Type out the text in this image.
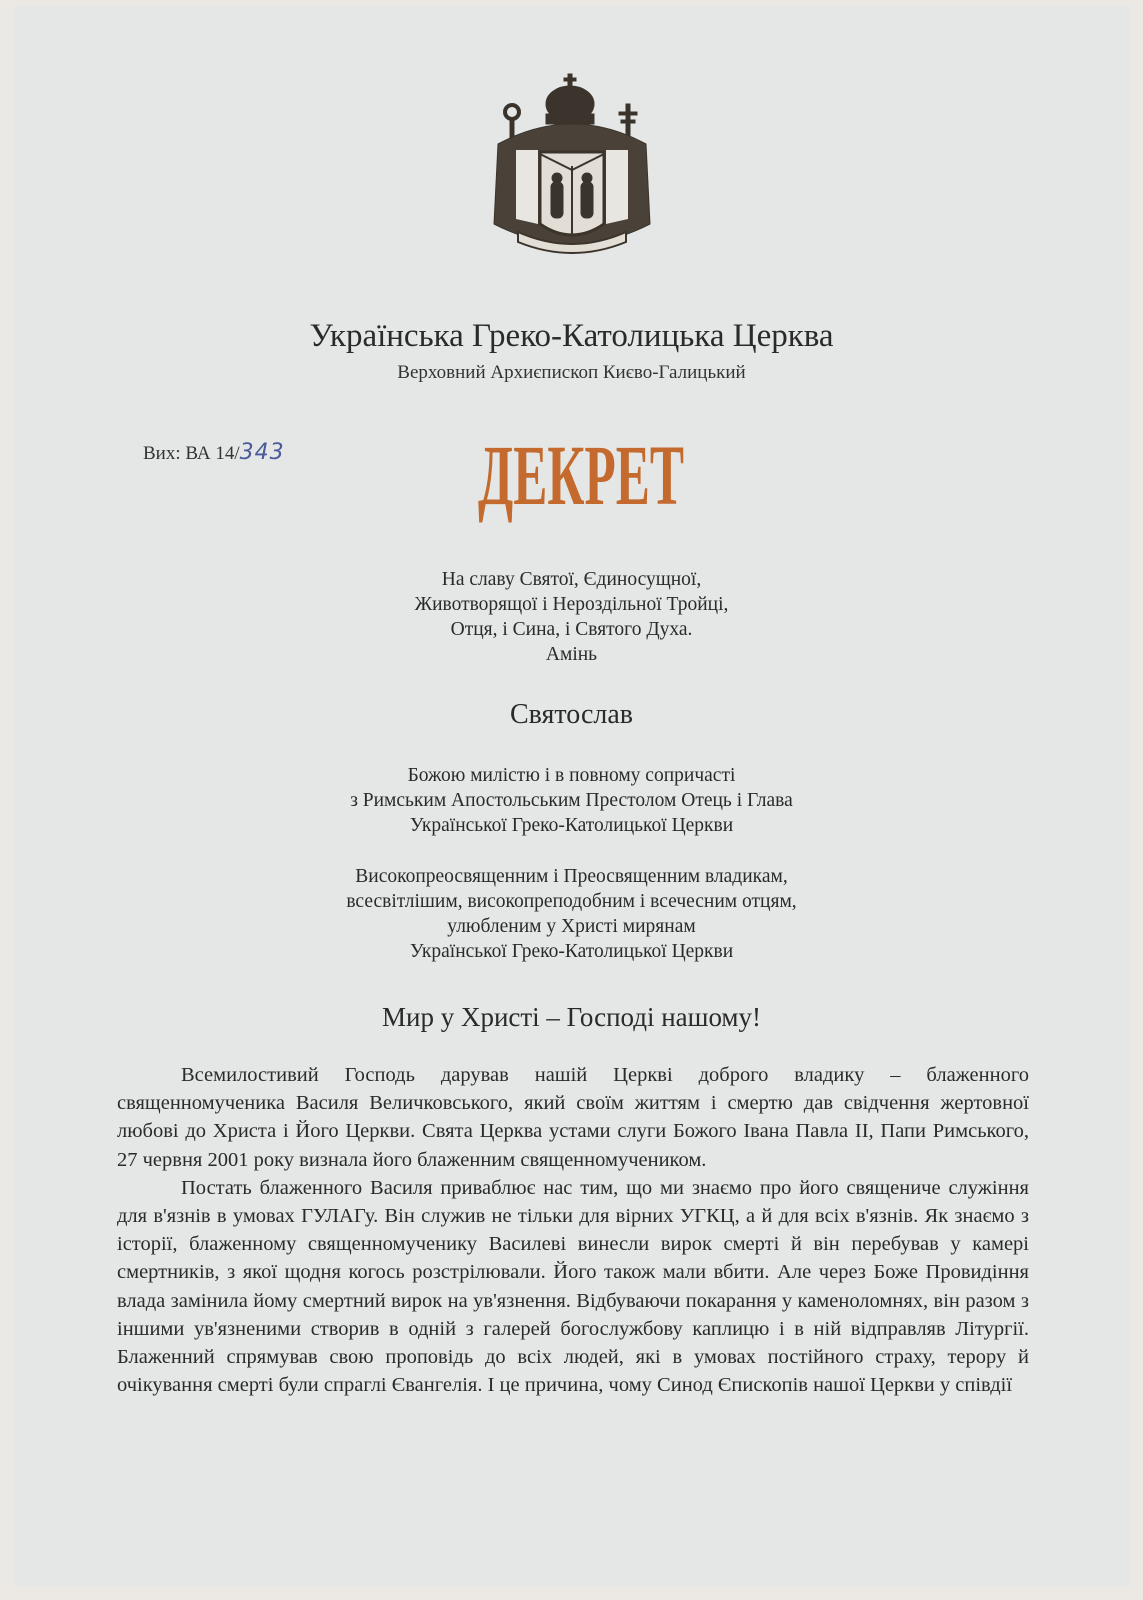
Українська Греко-Католицька Церква
Верховний Архиєпископ Києво-Галицький
Вих: ВА 14/343 ДЕКРЕТ
На славу Святої, Єдиносущної,
Животворящої і Нероздільної Тройці,
Отця, і Сина, і Святого Духа.
Амінь
Святослав
Божою милістю і в повному сопричасті
з Римським Апостольським Престолом Отець і Глава
Української Греко-Католицької Церкви
Високопреосвященним і Преосвященним владикам,
всесвітлішим, високопреподобним і всечесним отцям,
улюбленим у Христі мирянам
Української Греко-Католицької Церкви
Мир у Христі – Господі нашому!

Всемилостивий Господь дарував нашій Церкві доброго владику – блаженного священномученика Василя Величковського, який своїм життям і смертю дав свідчення жертовної любові до Христа і Його Церкви. Свята Церква устами слуги Божого Івана Павла II, Папи Римського, 27 червня 2001 року визнала його блаженним священномучеником.

Постать блаженного Василя приваблює нас тим, що ми знаємо про його священиче служіння для в'язнів в умовах ГУЛАГу. Він служив не тільки для вірних УГКЦ, а й для всіх в'язнів. Як знаємо з історії, блаженному священномученику Василеві винесли вирок смерті й він перебував у камері смертників, з якої щодня когось розстрілювали. Його також мали вбити. Але через Боже Провидіння влада замінила йому смертний вирок на ув'язнення. Відбуваючи покарання у каменоломнях, він разом з іншими ув'язненими створив в одній з галерей богослужбову каплицю і в ній відправляв Літургії. Блаженний спрямував свою проповідь до всіх людей, які в умовах постійного страху, терору й очікування смерті були спраглі Євангелія. І це причина, чому Синод Єпископів нашої Церкви у співдії
